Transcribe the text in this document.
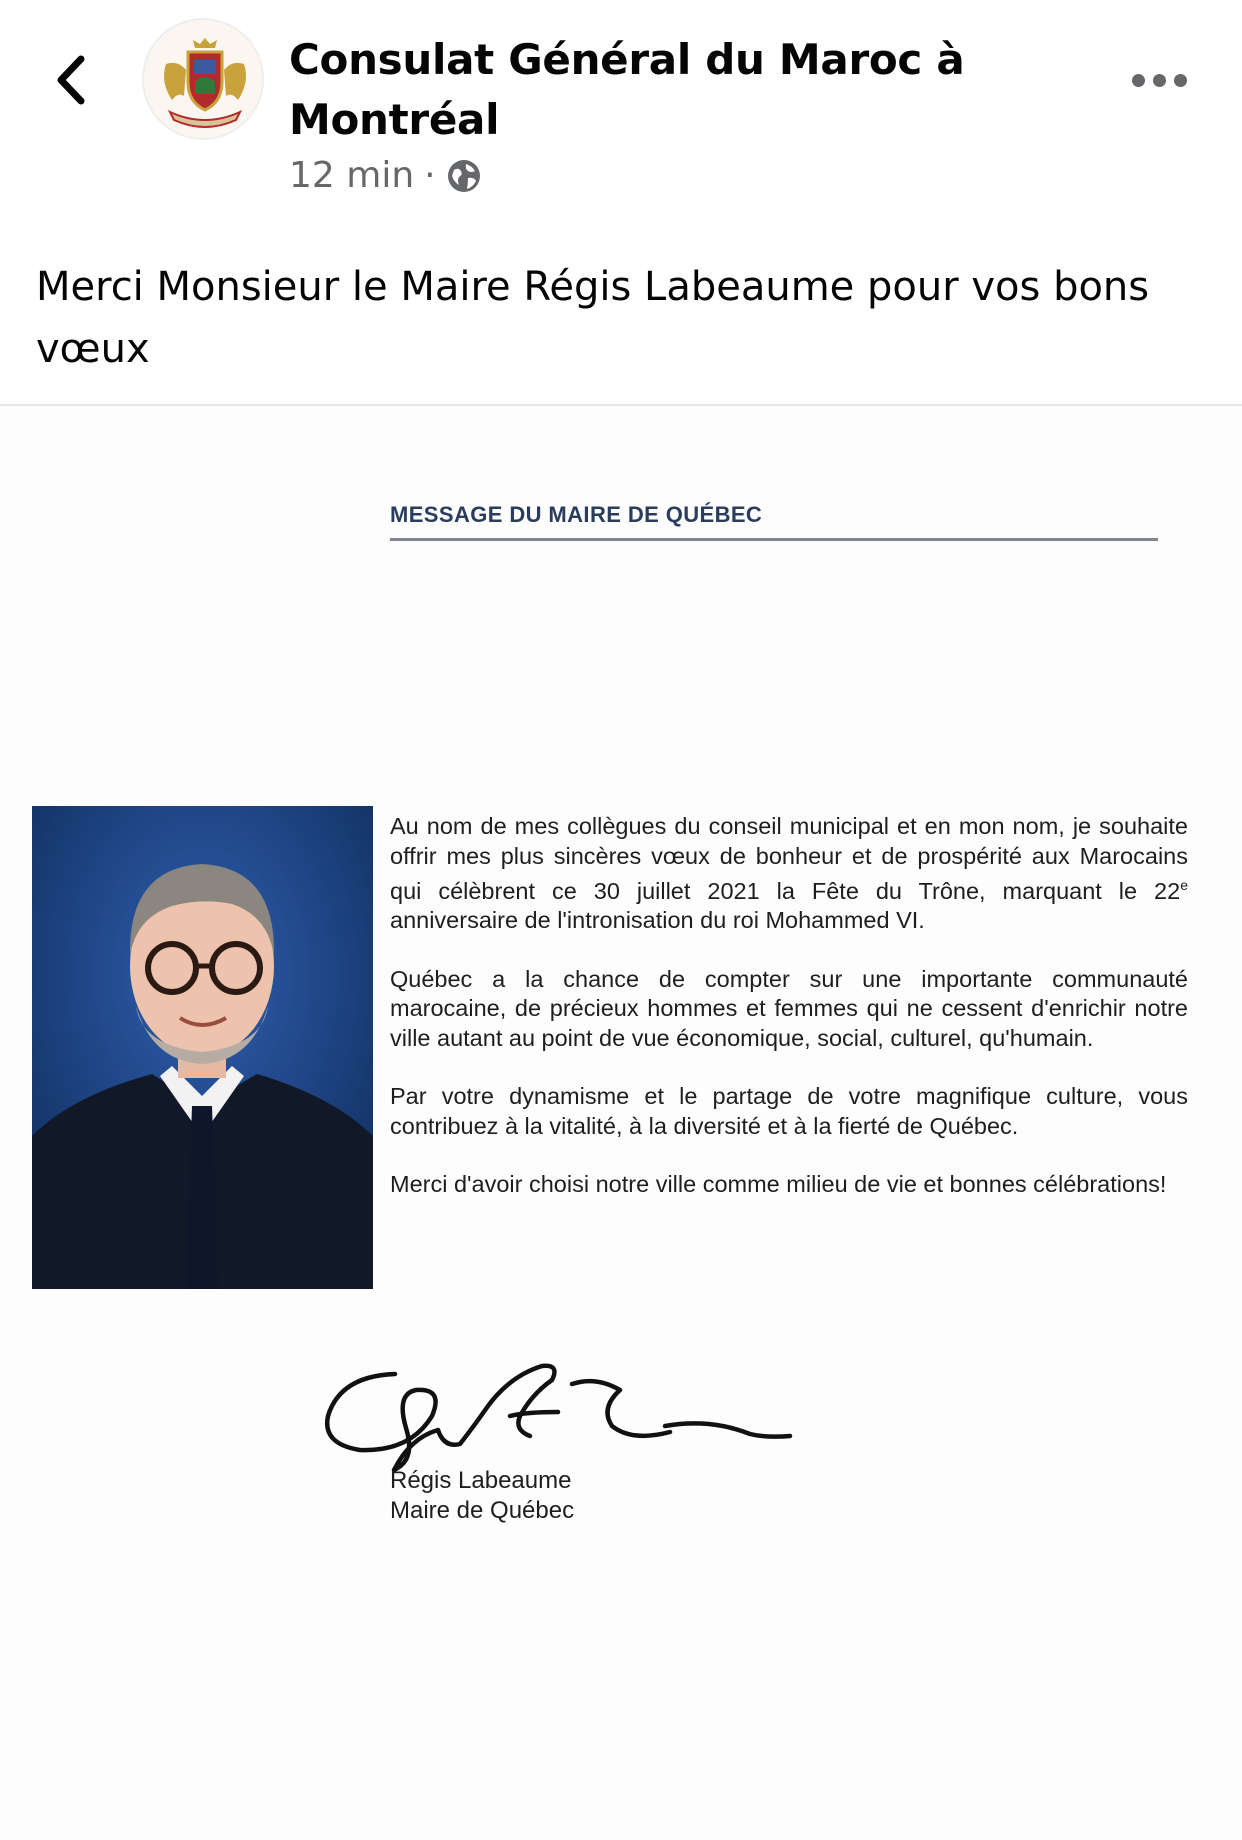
Consulat Général du Maroc à Montréal
12 min ·
Merci Monsieur le Maire Régis Labeaume pour vos bons vœux
MESSAGE DU MAIRE DE QUÉBEC

Au nom de mes collègues du conseil municipal et en mon nom, je souhaite offrir mes plus sincères vœux de bonheur et de prospérité aux Marocains qui célèbrent ce 30 juillet 2021 la Fête du Trône, marquant le 22e anniversaire de l'intronisation du roi Mohammed VI.

Québec a la chance de compter sur une importante communauté marocaine, de précieux hommes et femmes qui ne cessent d'enrichir notre ville autant au point de vue économique, social, culturel, qu'humain.

Par votre dynamisme et le partage de votre magnifique culture, vous contribuez à la vitalité, à la diversité et à la fierté de Québec.

Merci d'avoir choisi notre ville comme milieu de vie et bonnes célébrations!

Régis Labeaume
Maire de Québec
